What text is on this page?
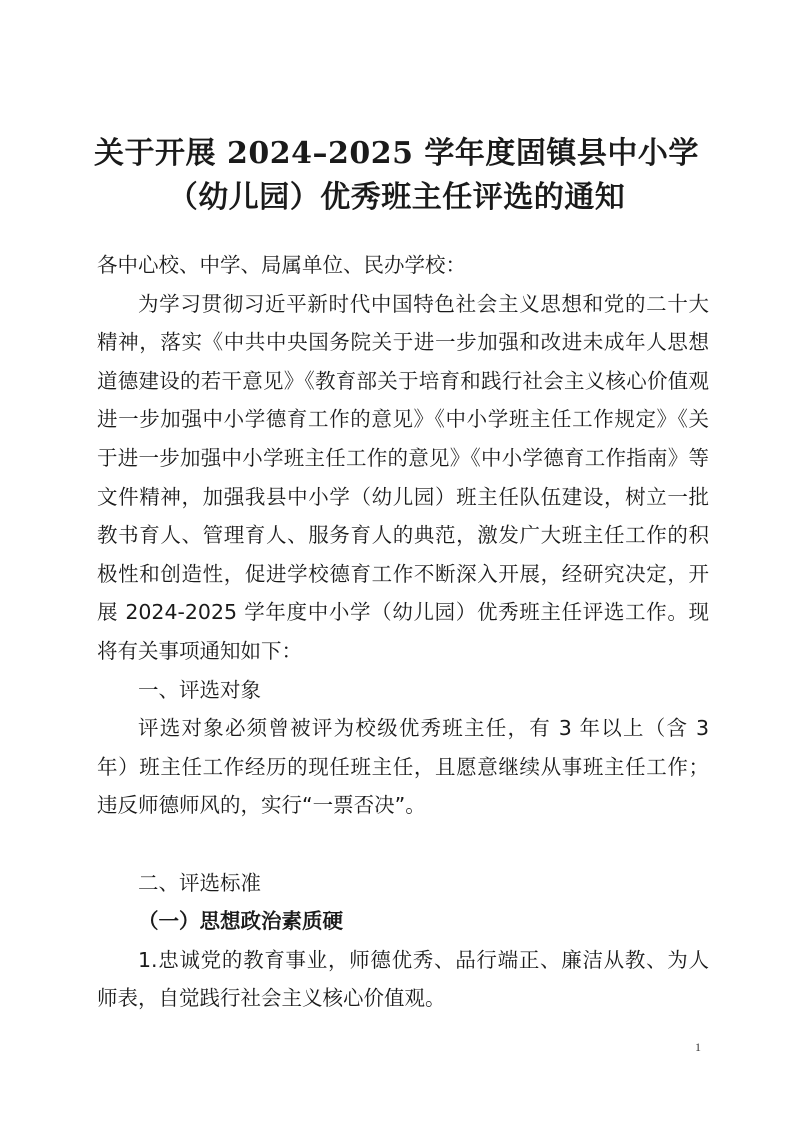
关于开展 2024–2025 学年度固镇县中小学
（幼儿园）优秀班主任评选的通知

各中心校、中学、局属单位、民办学校：

为学习贯彻习近平新时代中国特色社会主义思想和党的二十大精神，落实《中共中央国务院关于进一步加强和改进未成年人思想道德建设的若干意见》《教育部关于培育和践行社会主义核心价值观进一步加强中小学德育工作的意见》《中小学班主任工作规定》《关于进一步加强中小学班主任工作的意见》《中小学德育工作指南》等文件精神，加强我县中小学（幼儿园）班主任队伍建设，树立一批教书育人、管理育人、服务育人的典范，激发广大班主任工作的积极性和创造性，促进学校德育工作不断深入开展，经研究决定，开展 2024-2025 学年度中小学（幼儿园）优秀班主任评选工作。现将有关事项通知如下：

一、评选对象

评选对象必须曾被评为校级优秀班主任，有 3 年以上（含 3 年）班主任工作经历的现任班主任，且愿意继续从事班主任工作；违反师德师风的，实行“一票否决”。

二、评选标准

（一）思想政治素质硬

1.忠诚党的教育事业，师德优秀、品行端正、廉洁从教、为人师表，自觉践行社会主义核心价值观。

1
